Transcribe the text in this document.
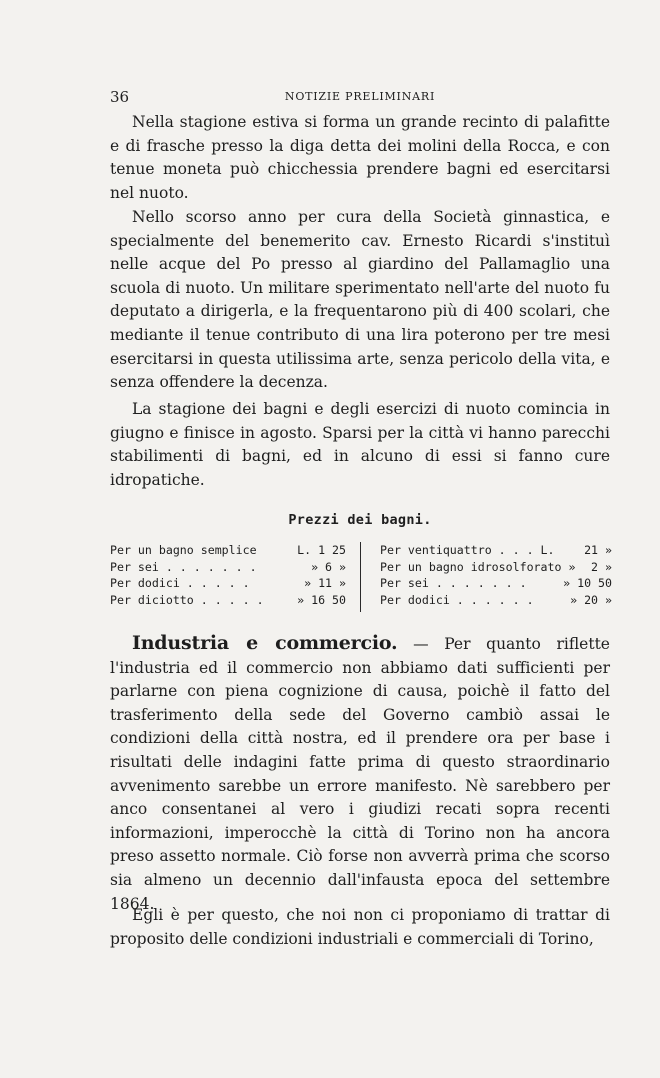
36	NOTIZIE PRELIMINARI

Nella stagione estiva si forma un grande recinto di palafitte e di frasche presso la diga detta dei molini della Rocca, e con tenue moneta può chicchessia prendere bagni ed esercitarsi nel nuoto.

Nello scorso anno per cura della Società ginnastica, e specialmente del benemerito cav. Ernesto Ricardi s'instituì nelle acque del Po presso al giardino del Pallamaglio una scuola di nuoto. Un militare sperimentato nell'arte del nuoto fu deputato a dirigerla, e la frequentarono più di 400 scolari, che mediante il tenue contributo di una lira poterono per tre mesi esercitarsi in questa utilissima arte, senza pericolo della vita, e senza offendere la decenza.

La stagione dei bagni e degli esercizi di nuoto comincia in giugno e finisce in agosto. Sparsi per la città vi hanno parecchi stabilimenti di bagni, ed in alcuno di essi si fanno cure idropatiche.

Prezzi dei bagni.
Per un bagno semplice	L. 1 25
Per sei . . . . . . .	» 6 »
Per dodici . . . . .	» 11 »
Per diciotto . . . . .	» 16 50
Per ventiquattro . . . L.	21 »
Per un bagno idrosolforato » 2 »
Per sei . . . . . . .	» 10 50
Per dodici . . . . . .	» 20 »

Industria e commercio. — Per quanto riflette l'industria ed il commercio non abbiamo dati sufficienti per parlarne con piena cognizione di causa, poichè il fatto del trasferimento della sede del Governo cambiò assai le condizioni della città nostra, ed il prendere ora per base i risultati delle indagini fatte prima di questo straordinario avvenimento sarebbe un errore manifesto. Nè sarebbero per anco consentanei al vero i giudizi recati sopra recenti informazioni, imperocchè la città di Torino non ha ancora preso assetto normale. Ciò forse non avverrà prima che scorso sia almeno un decennio dall'infausta epoca del settembre 1864.

Egli è per questo, che noi non ci proponiamo di trattar di proposito delle condizioni industriali e commerciali di Torino,
